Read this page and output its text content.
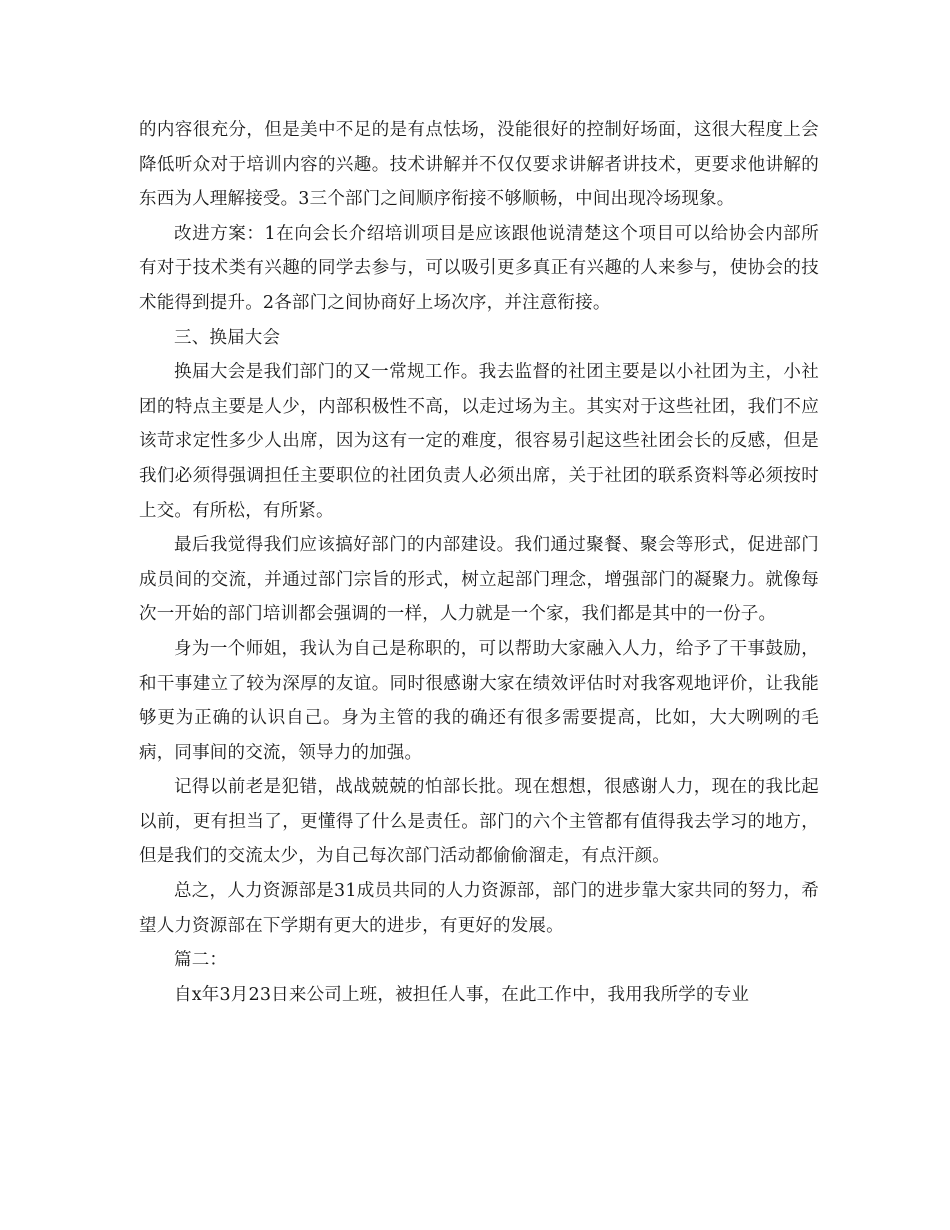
的内容很充分，但是美中不足的是有点怯场，没能很好的控制好场面，这很大程度上会降低听众对于培训内容的兴趣。技术讲解并不仅仅要求讲解者讲技术，更要求他讲解的东西为人理解接受。3三个部门之间顺序衔接不够顺畅，中间出现冷场现象。

改进方案：1在向会长介绍培训项目是应该跟他说清楚这个项目可以给协会内部所有对于技术类有兴趣的同学去参与，可以吸引更多真正有兴趣的人来参与，使协会的技术能得到提升。2各部门之间协商好上场次序，并注意衔接。

三、换届大会

换届大会是我们部门的又一常规工作。我去监督的社团主要是以小社团为主，小社团的特点主要是人少，内部积极性不高，以走过场为主。其实对于这些社团，我们不应该苛求定性多少人出席，因为这有一定的难度，很容易引起这些社团会长的反感，但是我们必须得强调担任主要职位的社团负责人必须出席，关于社团的联系资料等必须按时上交。有所松，有所紧。

最后我觉得我们应该搞好部门的内部建设。我们通过聚餐、聚会等形式，促进部门成员间的交流，并通过部门宗旨的形式，树立起部门理念，增强部门的凝聚力。就像每次一开始的部门培训都会强调的一样，人力就是一个家，我们都是其中的一份子。

身为一个师姐，我认为自己是称职的，可以帮助大家融入人力，给予了干事鼓励，和干事建立了较为深厚的友谊。同时很感谢大家在绩效评估时对我客观地评价，让我能够更为正确的认识自己。身为主管的我的确还有很多需要提高，比如，大大咧咧的毛病，同事间的交流，领导力的加强。

记得以前老是犯错，战战兢兢的怕部长批。现在想想，很感谢人力，现在的我比起以前，更有担当了，更懂得了什么是责任。部门的六个主管都有值得我去学习的地方，但是我们的交流太少，为自己每次部门活动都偷偷溜走，有点汗颜。

总之，人力资源部是31成员共同的人力资源部，部门的进步靠大家共同的努力，希望人力资源部在下学期有更大的进步，有更好的发展。

篇二：

自x年3月23日来公司上班，被担任人事，在此工作中，我用我所学的专业
